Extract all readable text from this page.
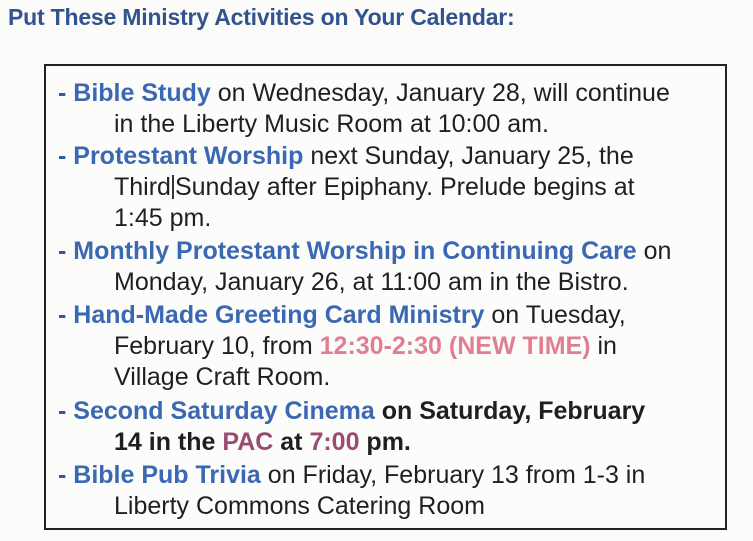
Put These Ministry Activities on Your Calendar:
- Bible Study on Wednesday, January 28, will continue
in the Liberty Music Room at 10:00 am.
- Protestant Worship next Sunday, January 25, the
Third Sunday after Epiphany. Prelude begins at
1:45 pm.
- Monthly Protestant Worship in Continuing Care on
Monday, January 26, at 11:00 am in the Bistro.
- Hand-Made Greeting Card Ministry on Tuesday,
February 10, from 12:30-2:30 (NEW TIME) in
Village Craft Room.
- Second Saturday Cinema on Saturday, February
14 in the PAC at 7:00 pm.
- Bible Pub Trivia on Friday, February 13 from 1-3 in
Liberty Commons Catering Room
